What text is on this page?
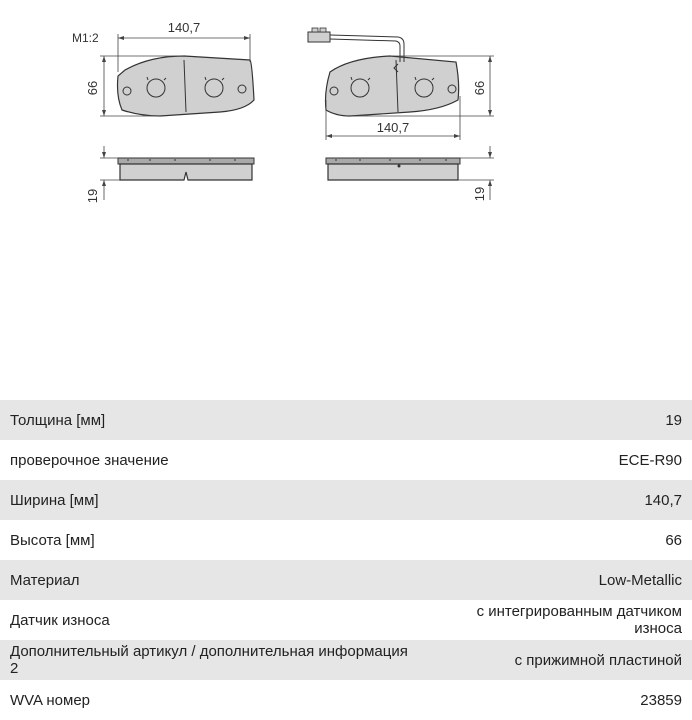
M1:2
140,7
66
19
140,7
66
19
Толщина [мм]	19
проверочное значение	ECE-R90
Ширина [мм]	140,7
Высота [мм]	66
Материал	Low-Metallic
Датчик износа	с интегрированным датчиком износа
Дополнительный артикул / дополнительная информация 2	с прижимной пластиной
WVA номер	23859
